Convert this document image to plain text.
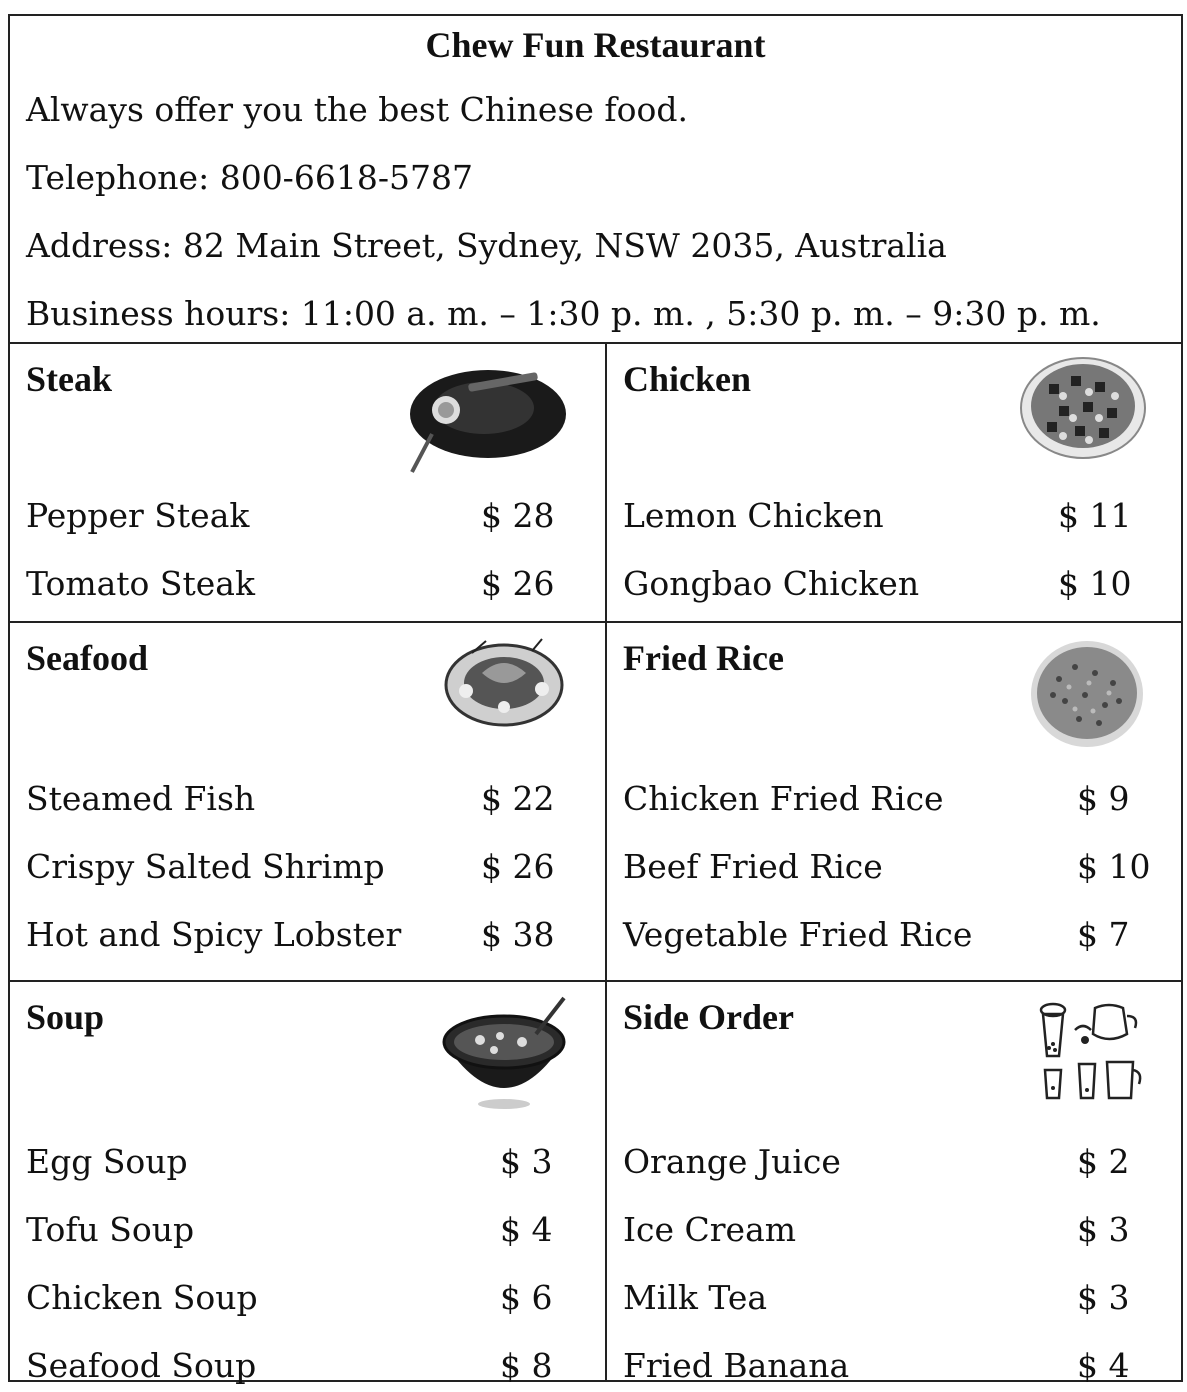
Chew Fun Restaurant
Always offer you the best Chinese food.
Telephone: 800-6618-5787
Address: 82 Main Street, Sydney, NSW 2035, Australia
Business hours: 11:00 a. m. – 1:30 p. m. , 5:30 p. m. – 9:30 p. m.
Steak
Pepper Steak	$ 28
Tomato Steak	$ 26
Chicken
Lemon Chicken	$ 11
Gongbao Chicken	$ 10
Seafood
Steamed Fish	$ 22
Crispy Salted Shrimp	$ 26
Hot and Spicy Lobster $ 38
Fried Rice
Chicken Fried Rice	$ 9
Beef Fried Rice	$ 10
Vegetable Fried Rice	$ 7
Soup
Egg Soup	$ 3
Tofu Soup	$ 4
Chicken Soup	$ 6
Seafood Soup	$ 8
Side Order
Orange Juice	$ 2
Ice Cream	$ 3
Milk Tea	$ 3
Fried Banana	$ 4
